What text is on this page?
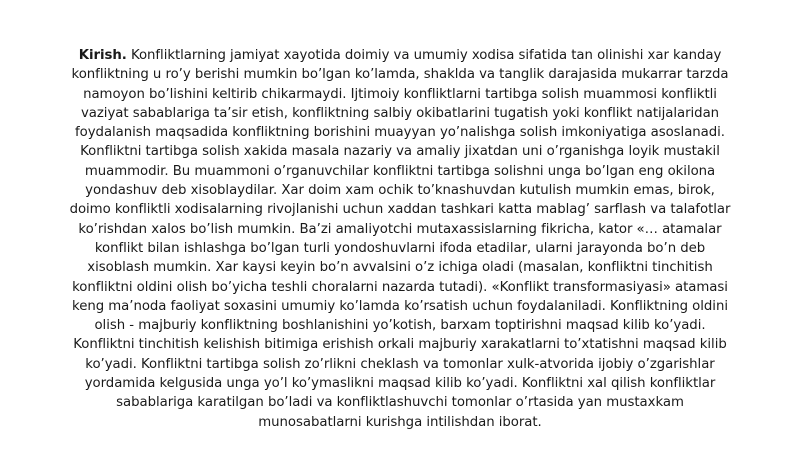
Kirish. Konfliktlarning jamiyat xayotida doimiy va umumiy xodisa sifatida tan olinishi xar kanday
konfliktning u ro’y berishi mumkin bo’lgan ko’lamda, shaklda va tanglik darajasida mukarrar tarzda
namoyon bo’lishini keltirib chikarmaydi. Ijtimoiy konfliktlarni tartibga solish muammosi konfliktli
vaziyat sabablariga ta’sir etish, konfliktning salbiy okibatlarini tugatish yoki konflikt natijalaridan
foydalanish maqsadida konfliktning borishini muayyan yo’nalishga solish imkoniyatiga asoslanadi.
Konfliktni tartibga solish xakida masala nazariy va amaliy jixatdan uni o’rganishga loyik mustakil
muammodir. Bu muammoni o’rganuvchilar konfliktni tartibga solishni unga bo’lgan eng okilona
yondashuv deb xisoblaydilar. Xar doim xam ochik to’knashuvdan kutulish mumkin emas, birok,
doimo konfliktli xodisalarning rivojlanishi uchun xaddan tashkari katta mablag’ sarflash va talafotlar
ko’rishdan xalos bo’lish mumkin. Ba’zi amaliyotchi mutaxassislarning fikricha, kator «… atamalar
konflikt bilan ishlashga bo’lgan turli yondoshuvlarni ifoda etadilar, ularni jarayonda bo’n deb
xisoblash mumkin. Xar kaysi keyin bo’n avvalsini o’z ichiga oladi (masalan, konfliktni tinchitish
konfliktni oldini olish bo’yicha teshli choralarni nazarda tutadi). «Konflikt transformasiyasi» atamasi
keng ma’noda faoliyat soxasini umumiy ko’lamda ko’rsatish uchun foydalaniladi. Konfliktning oldini
olish - majburiy konfliktning boshlanishini yo’kotish, barxam toptirishni maqsad kilib ko’yadi.
Konfliktni tinchitish kelishish bitimiga erishish orkali majburiy xarakatlarni to’xtatishni maqsad kilib
ko’yadi. Konfliktni tartibga solish zo’rlikni cheklash va tomonlar xulk-atvorida ijobiy o’zgarishlar
yordamida kelgusida unga yo’l ko’ymaslikni maqsad kilib ko’yadi. Konfliktni xal qilish konfliktlar
sabablariga karatilgan bo’ladi va konfliktlashuvchi tomonlar o’rtasida yan mustaxkam
munosabatlarni kurishga intilishdan iborat.
